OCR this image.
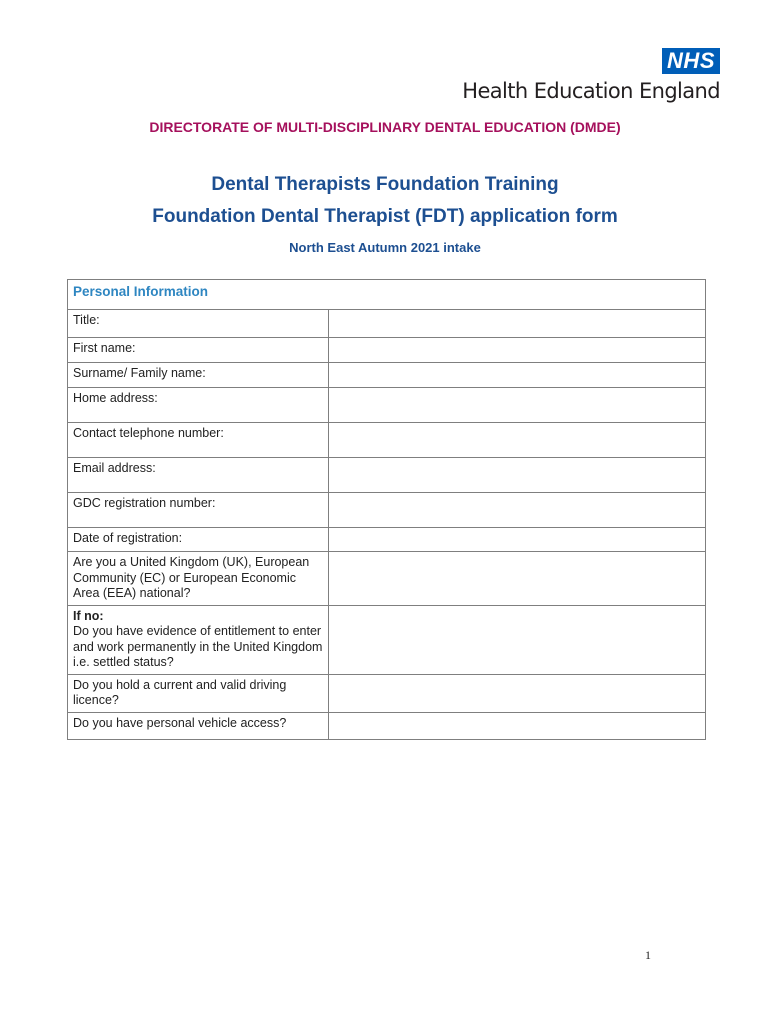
NHS
Health Education England
DIRECTORATE OF MULTI-DISCIPLINARY DENTAL EDUCATION (DMDE)
Dental Therapists Foundation Training
Foundation Dental Therapist (FDT) application form
North East Autumn 2021 intake
Personal Information	
Title:	
First name:	
Surname/ Family name:	
Home address:	
Contact telephone number:	
Email address:	
GDC registration number:	
Date of registration:	
Are you a United Kingdom (UK), European Community (EC) or European Economic Area (EEA) national?	

If no:
Do you have evidence of entitlement to enter and work permanently in the United Kingdom i.e. settled status?	
Do you hold a current and valid driving licence?	
Do you have personal vehicle access?	
1
